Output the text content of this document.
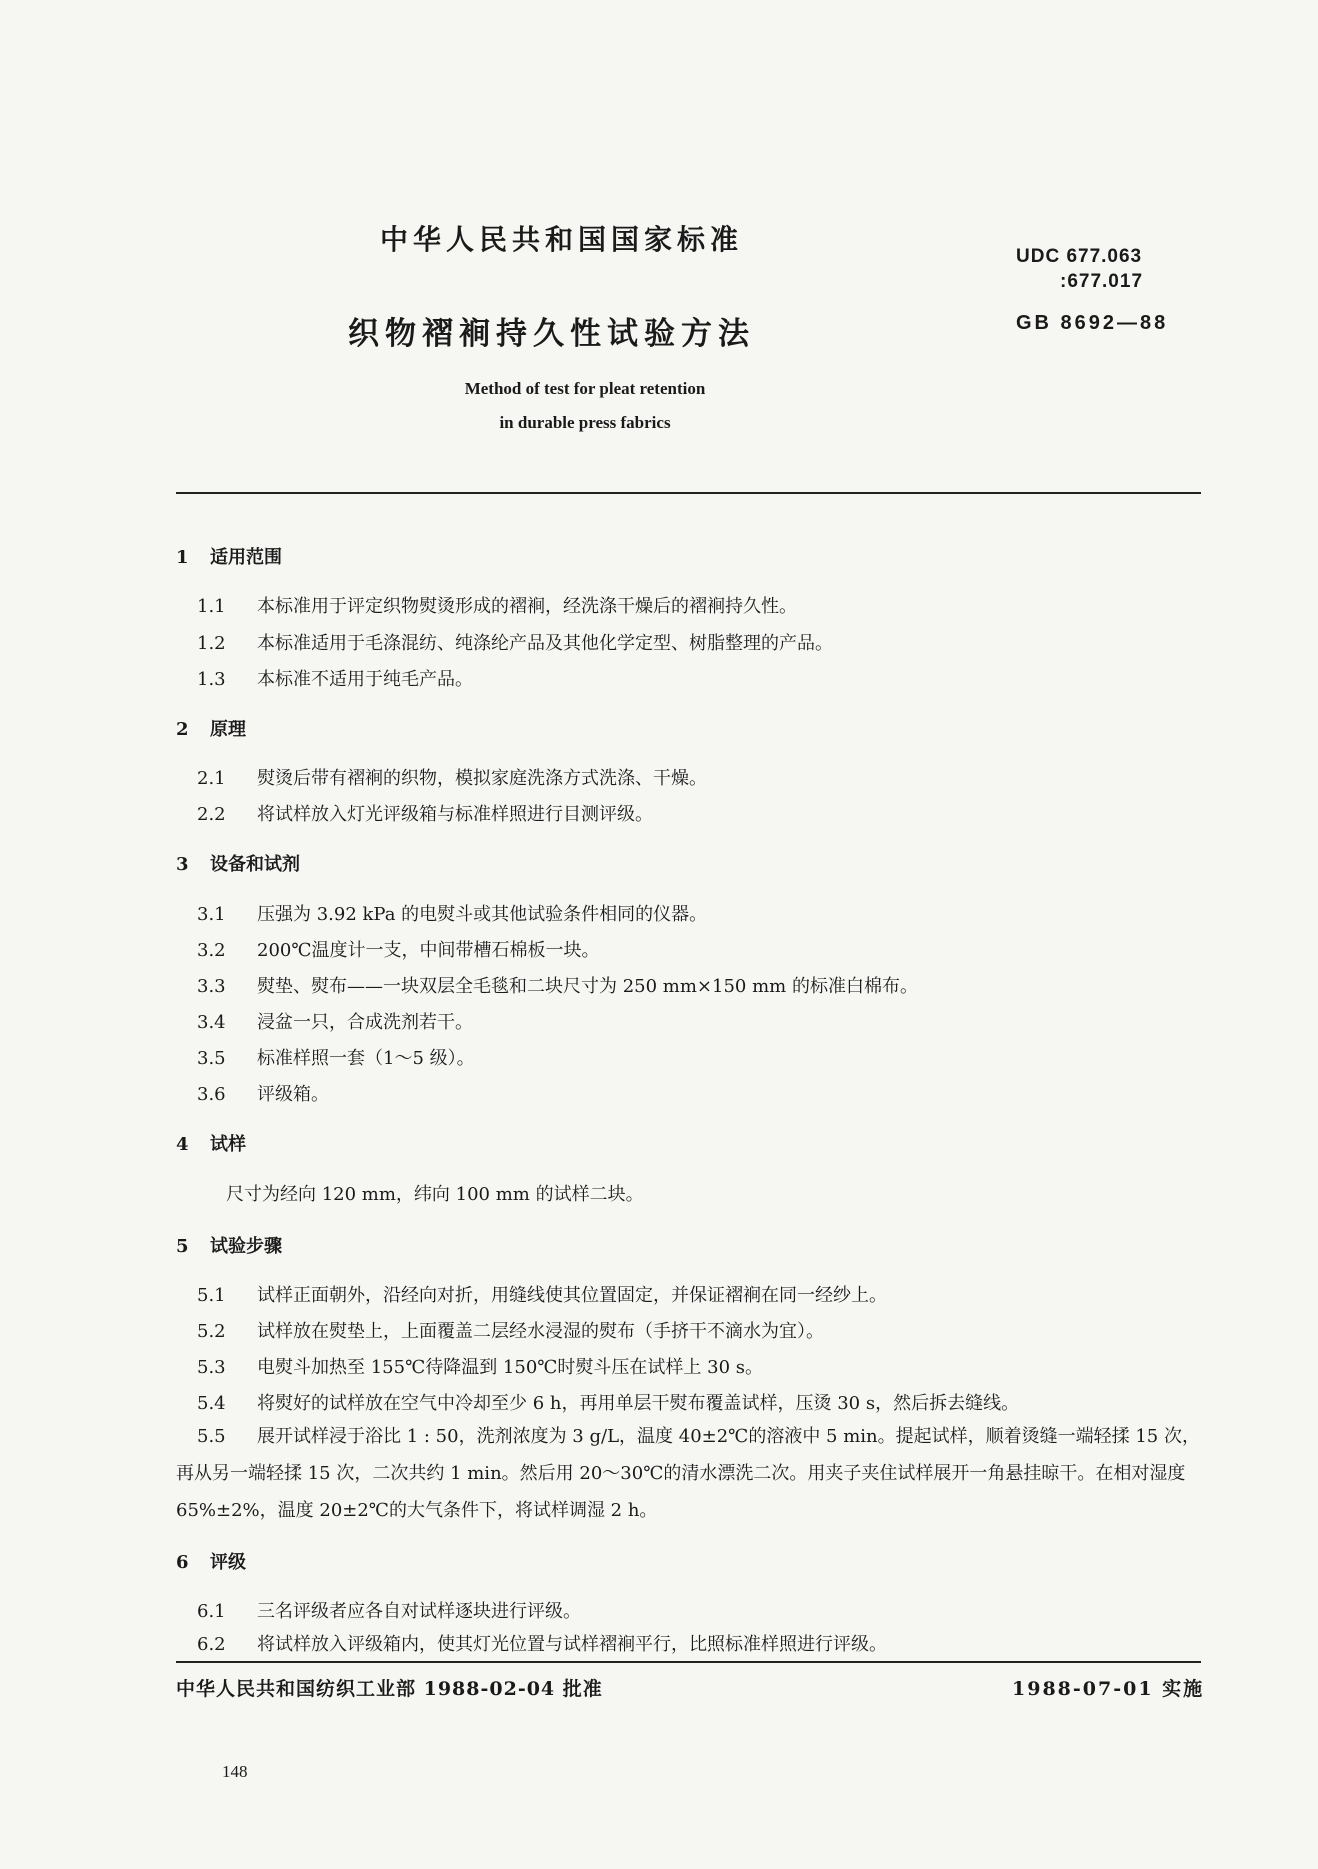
中华人民共和国国家标准
UDC 677.063
:677.017
织物褶裥持久性试验方法	GB 8692—88
Method of test for pleat retention
in durable press fabrics
1 适用范围
1.1 本标准用于评定织物熨烫形成的褶裥，经洗涤干燥后的褶裥持久性。
1.2 本标准适用于毛涤混纺、纯涤纶产品及其他化学定型、树脂整理的产品。
1.3 本标准不适用于纯毛产品。
2 原理
2.1 熨烫后带有褶裥的织物，模拟家庭洗涤方式洗涤、干燥。
2.2 将试样放入灯光评级箱与标准样照进行目测评级。
3 设备和试剂
3.1 压强为 3.92 kPa 的电熨斗或其他试验条件相同的仪器。
3.2 200℃温度计一支，中间带槽石棉板一块。
3.3 熨垫、熨布——一块双层全毛毯和二块尺寸为 250 mm×150 mm 的标准白棉布。
3.4 浸盆一只，合成洗剂若干。
3.5 标准样照一套（1～5 级）。
3.6 评级箱。
4 试样
尺寸为经向 120 mm，纬向 100 mm 的试样二块。
5 试验步骤
5.1 试样正面朝外，沿经向对折，用缝线使其位置固定，并保证褶裥在同一经纱上。
5.2 试样放在熨垫上，上面覆盖二层经水浸湿的熨布（手挤干不滴水为宜）。
5.3 电熨斗加热至 155℃待降温到 150℃时熨斗压在试样上 30 s。
5.4 将熨好的试样放在空气中冷却至少 6 h，再用单层干熨布覆盖试样，压烫 30 s，然后拆去缝线。
5.5 展开试样浸于浴比 1 : 50，洗剂浓度为 3 g/L，温度 40±2℃的溶液中 5 min。提起试样，顺着烫缝一端轻揉 15 次，再从另一端轻揉 15 次，二次共约 1 min。然后用 20～30℃的清水漂洗二次。用夹子夹住试样展开一角悬挂晾干。在相对湿度 65%±2%，温度 20±2℃的大气条件下，将试样调湿 2 h。
6 评级
6.1 三名评级者应各自对试样逐块进行评级。
6.2 将试样放入评级箱内，使其灯光位置与试样褶裥平行，比照标准样照进行评级。
中华人民共和国纺织工业部 1988-02-04 批准	1988-07-01 实施
148
